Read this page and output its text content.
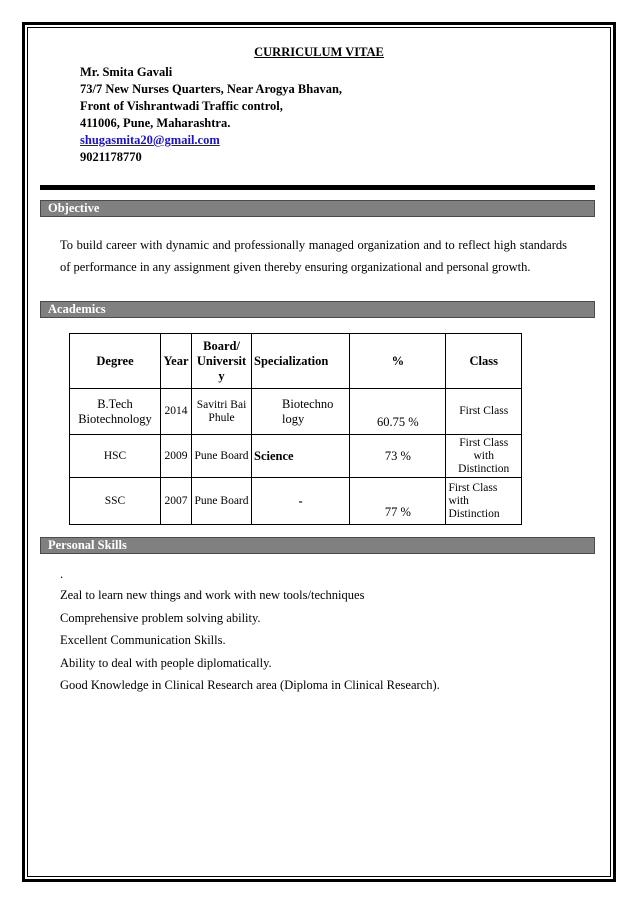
CURRICULUM VITAE
Mr. Smita Gavali
73/7 New Nurses Quarters, Near Arogya Bhavan,
Front of Vishrantwadi Traffic control,
411006, Pune, Maharashtra.
shugasmita20@gmail.com
9021178770
Objective
To build career with dynamic and professionally managed organization and to reflect high standards of performance in any assignment given thereby ensuring organizational and personal growth.
Academics
Degree	Year	Board/ Universit y	Specialization	%	Class
B.Tech Biotechnology	2014	Savitri Bai Phule	Biotechno logy	60.75 %	First Class
HSC	2009	Pune Board	Science	73 %	First Class with Distinction
SSC	2007	Pune Board	-	77 %	First Class with Distinction
Personal Skills
.
Zeal to learn new things and work with new tools/techniques
Comprehensive problem solving ability.
Excellent Communication Skills.
Ability to deal with people diplomatically.
Good Knowledge in Clinical Research area (Diploma in Clinical Research).
